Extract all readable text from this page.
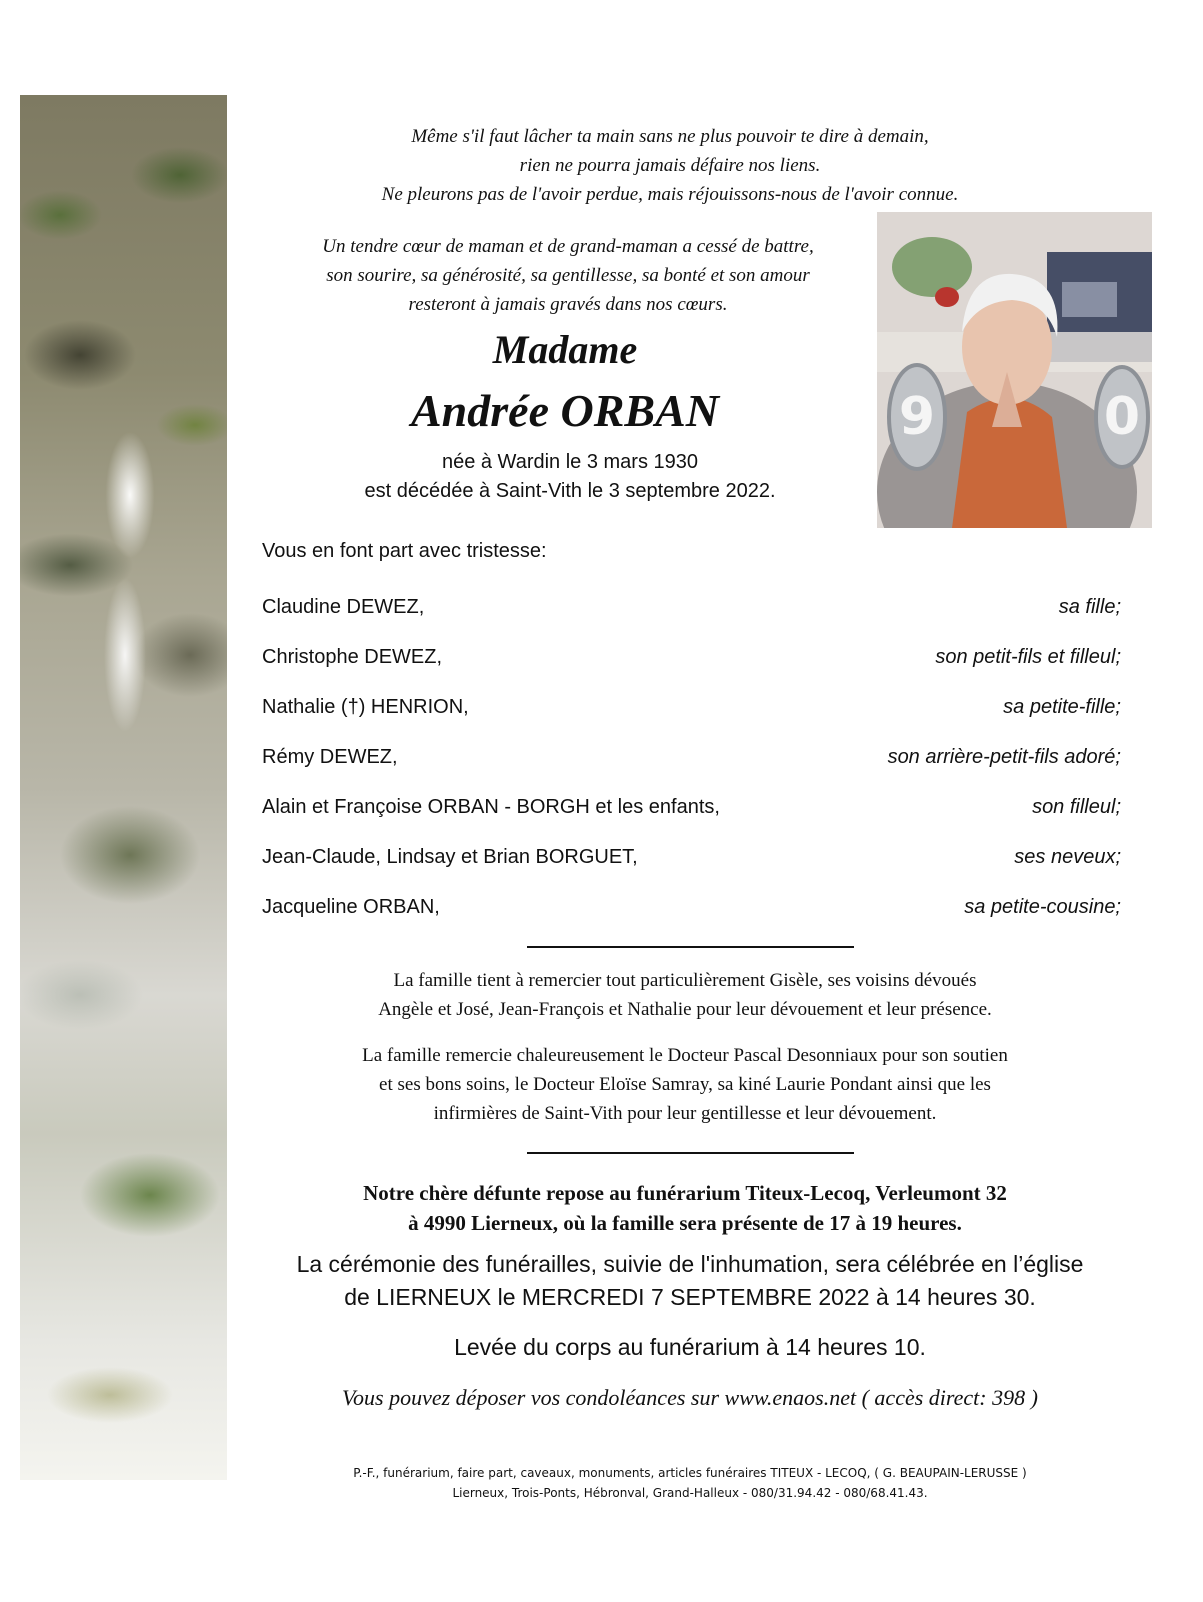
Même s'il faut lâcher ta main sans ne plus pouvoir te dire à demain,
rien ne pourra jamais défaire nos liens.
Ne pleurons pas de l'avoir perdue, mais réjouissons-nous de l'avoir connue.
Un tendre cœur de maman et de grand-maman a cessé de battre,
son sourire, sa générosité, sa gentillesse, sa bonté et son amour
resteront à jamais gravés dans nos cœurs.
Madame
Andrée ORBAN
née à Wardin le 3 mars 1930
est décédée à Saint-Vith le 3 septembre 2022.
9	0
Vous en font part avec tristesse:
Claudine DEWEZ,	sa fille;
Christophe DEWEZ,	son petit-fils et filleul;
Nathalie (†) HENRION,	sa petite-fille;
Rémy DEWEZ,	son arrière-petit-fils adoré;
Alain et Françoise ORBAN - BORGH et les enfants,	son filleul;
Jean-Claude, Lindsay et Brian BORGUET,	ses neveux;
Jacqueline ORBAN,	sa petite-cousine;
La famille tient à remercier tout particulièrement Gisèle, ses voisins dévoués
Angèle et José, Jean-François et Nathalie pour leur dévouement et leur présence.
La famille remercie chaleureusement le Docteur Pascal Desonniaux pour son soutien
et ses bons soins, le Docteur Eloïse Samray, sa kiné Laurie Pondant ainsi que les
infirmières de Saint-Vith pour leur gentillesse et leur dévouement.
Notre chère défunte repose au funérarium Titeux-Lecoq, Verleumont 32
à 4990 Lierneux, où la famille sera présente de 17 à 19 heures.
La cérémonie des funérailles, suivie de l'inhumation, sera célébrée en l’église
de LIERNEUX le MERCREDI 7 SEPTEMBRE 2022 à 14 heures 30.
Levée du corps au funérarium à 14 heures 10.
Vous pouvez déposer vos condoléances sur www.enaos.net ( accès direct: 398 )
P.-F., funérarium, faire part, caveaux, monuments, articles funéraires TITEUX - LECOQ, ( G. BEAUPAIN-LERUSSE )
Lierneux, Trois-Ponts, Hébronval, Grand-Halleux - 080/31.94.42 - 080/68.41.43.
